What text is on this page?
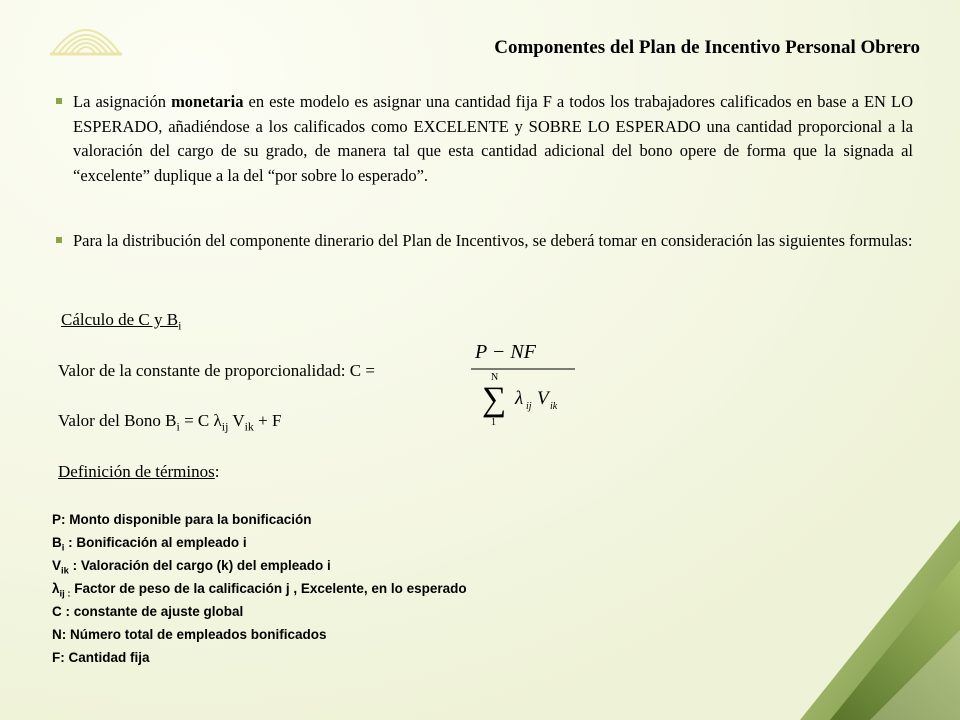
Componentes del Plan de Incentivo Personal Obrero
La asignación monetaria en este modelo es asignar una cantidad fija F a todos los trabajadores calificados en base a EN LO ESPERADO, añadiéndose a los calificados como EXCELENTE y SOBRE LO ESPERADO una cantidad proporcional a la valoración del cargo de su grado, de manera tal que esta cantidad adicional del bono opere de forma que la signada al “excelente” duplique a la del “por sobre lo esperado”.
Para la distribución del componente dinerario del Plan de Incentivos, se deberá tomar en consideración las siguientes formulas:
Cálculo de C y $B_i$
Valor de la constante de proporcionalidad: C =
Valor del Bono $B_i = C$ $\lambda_{ij}$ $V_{ik} + F$
P − NF
N
∑
1
λ ij V ik
Definición de términos:
P: Monto disponible para la bonificación
$B_i$ : Bonificación al empleado i
$V_{ik}$ : Valoración del cargo (k) del empleado i
$\lambda_{ij :}$ Factor de peso de la calificación j , Excelente, en lo esperado
C : constante de ajuste global
N: Número total de empleados bonificados
F: Cantidad fija
